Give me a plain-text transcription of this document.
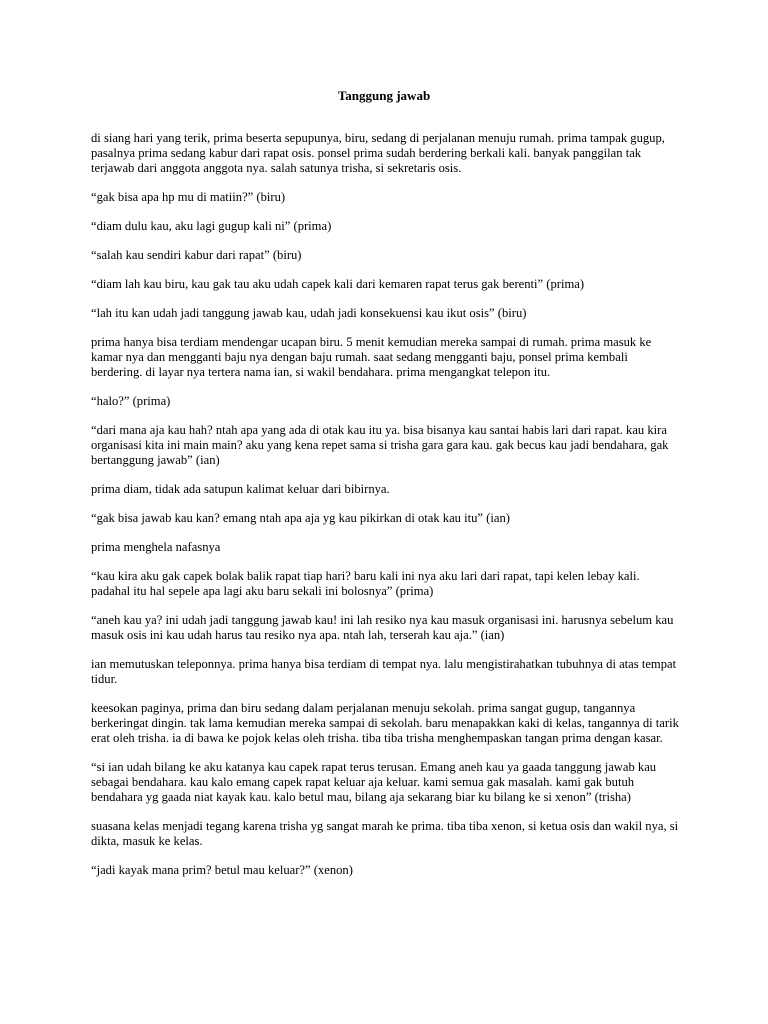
Tanggung jawab

di siang hari yang terik, prima beserta sepupunya, biru, sedang di perjalanan menuju rumah. prima tampak gugup, pasalnya prima sedang kabur dari rapat osis. ponsel prima sudah berdering berkali kali. banyak panggilan tak terjawab dari anggota anggota nya. salah satunya trisha, si sekretaris osis.

“gak bisa apa hp mu di matiin?” (biru)

“diam dulu kau, aku lagi gugup kali ni” (prima)

“salah kau sendiri kabur dari rapat” (biru)

“diam lah kau biru, kau gak tau aku udah capek kali dari kemaren rapat terus gak berenti” (prima)

“lah itu kan udah jadi tanggung jawab kau, udah jadi konsekuensi kau ikut osis” (biru)

prima hanya bisa terdiam mendengar ucapan biru. 5 menit kemudian mereka sampai di rumah. prima masuk ke kamar nya dan mengganti baju nya dengan baju rumah. saat sedang mengganti baju, ponsel prima kembali berdering. di layar nya tertera nama ian, si wakil bendahara. prima mengangkat telepon itu.

“halo?” (prima)

“dari mana aja kau hah? ntah apa yang ada di otak kau itu ya. bisa bisanya kau santai habis lari dari rapat. kau kira organisasi kita ini main main? aku yang kena repet sama si trisha gara gara kau. gak becus kau jadi bendahara, gak bertanggung jawab” (ian)

prima diam, tidak ada satupun kalimat keluar dari bibirnya.

“gak bisa jawab kau kan? emang ntah apa aja yg kau pikirkan di otak kau itu” (ian)

prima menghela nafasnya

“kau kira aku gak capek bolak balik rapat tiap hari? baru kali ini nya aku lari dari rapat, tapi kelen lebay kali. padahal itu hal sepele apa lagi aku baru sekali ini bolosnya” (prima)

“aneh kau ya? ini udah jadi tanggung jawab kau! ini lah resiko nya kau masuk organisasi ini. harusnya sebelum kau masuk osis ini kau udah harus tau resiko nya apa. ntah lah, terserah kau aja.” (ian)

ian memutuskan teleponnya. prima hanya bisa terdiam di tempat nya. lalu mengistirahatkan tubuhnya di atas tempat tidur.

keesokan paginya, prima dan biru sedang dalam perjalanan menuju sekolah. prima sangat gugup, tangannya berkeringat dingin. tak lama kemudian mereka sampai di sekolah. baru menapakkan kaki di kelas, tangannya di tarik erat oleh trisha. ia di bawa ke pojok kelas oleh trisha. tiba tiba trisha menghempaskan tangan prima dengan kasar.

“si ian udah bilang ke aku katanya kau capek rapat terus terusan. Emang aneh kau ya gaada tanggung jawab kau sebagai bendahara. kau kalo emang capek rapat keluar aja keluar. kami semua gak masalah. kami gak butuh bendahara yg gaada niat kayak kau. kalo betul mau, bilang aja sekarang biar ku bilang ke si xenon” (trisha)

suasana kelas menjadi tegang karena trisha yg sangat marah ke prima. tiba tiba xenon, si ketua osis dan wakil nya, si dikta, masuk ke kelas.

“jadi kayak mana prim? betul mau keluar?” (xenon)
